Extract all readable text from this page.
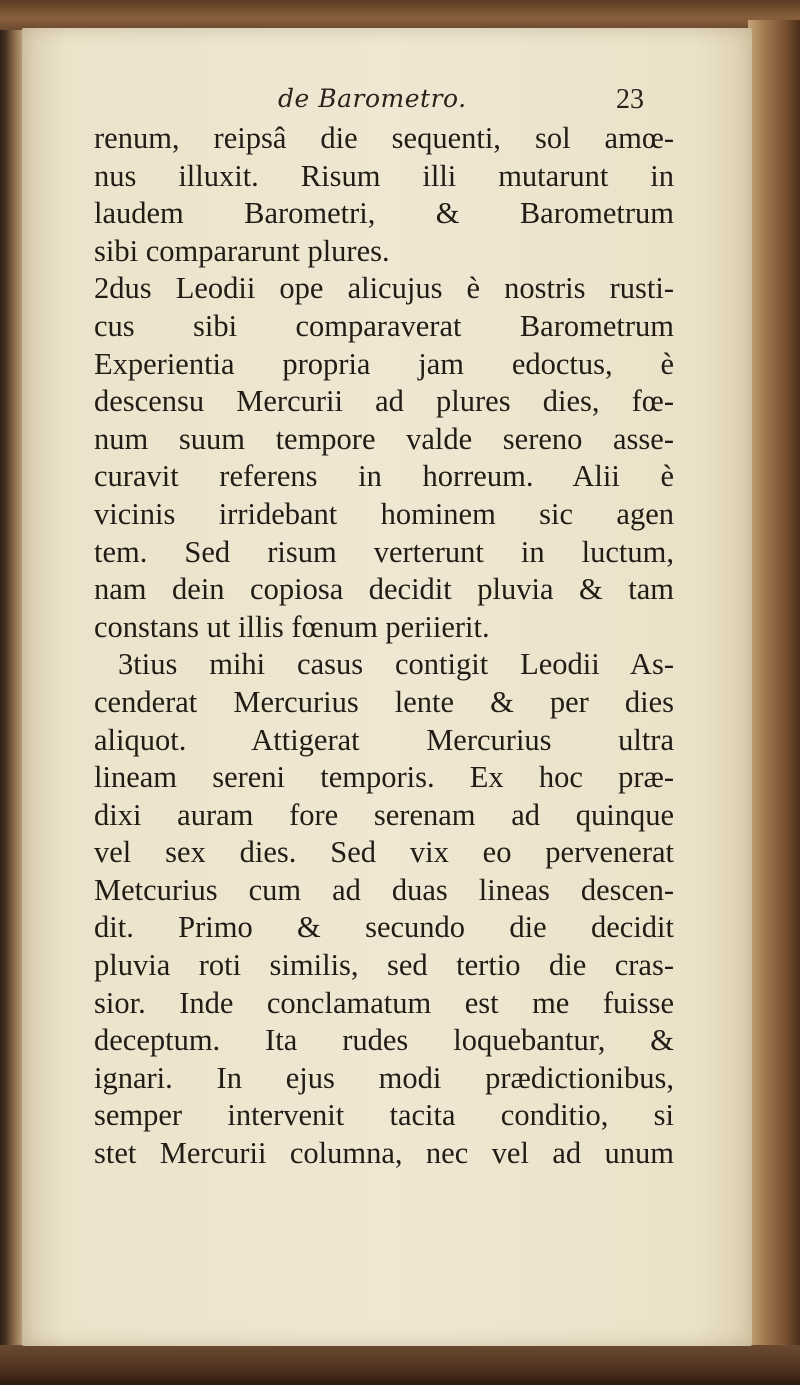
de Barometro.	23
renum, reipsâ die sequenti, sol amœ-
nus illuxit. Risum illi mutarunt in
laudem Barometri, & Barometrum
sibi compararunt plures.
2dus Leodii ope alicujus è nostris rusti-
cus sibi comparaverat Barometrum
Experientia propria jam edoctus, è
descensu Mercurii ad plures dies, fœ-
num suum tempore valde sereno asse-
curavit referens in horreum. Alii è
vicinis irridebant hominem sic agen
tem. Sed risum verterunt in luctum,
nam dein copiosa decidit pluvia & tam
constans ut illis fœnum periierit.
3tius mihi casus contigit Leodii As-
cenderat Mercurius lente & per dies
aliquot. Attigerat Mercurius ultra
lineam sereni temporis. Ex hoc præ-
dixi auram fore serenam ad quinque
vel sex dies. Sed vix eo pervenerat
Metcurius cum ad duas lineas descen-
dit. Primo & secundo die decidit
pluvia roti similis, sed tertio die cras-
sior. Inde conclamatum est me fuisse
deceptum. Ita rudes loquebantur, &
ignari. In ejus modi prædictionibus,
semper intervenit tacita conditio, si
stet Mercurii columna, nec vel ad unum
